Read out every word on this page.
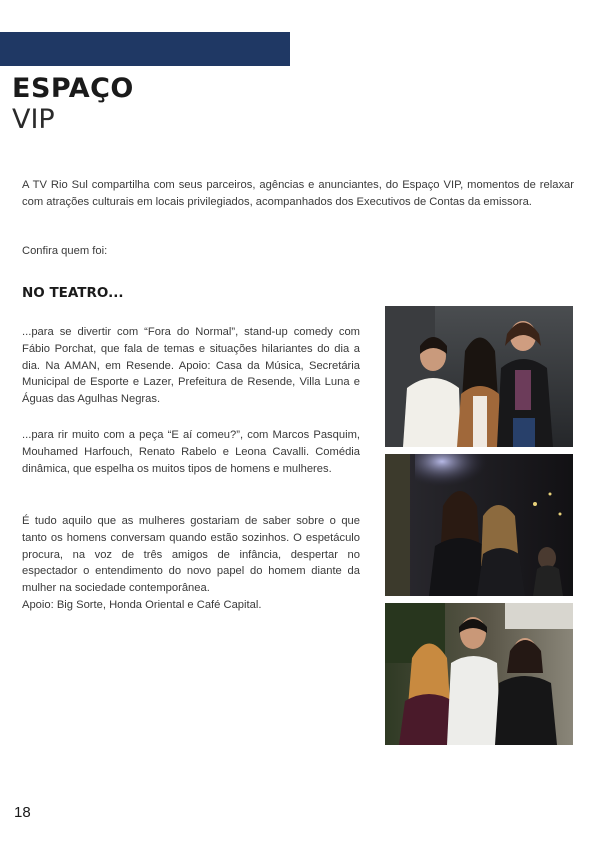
ESPAÇO
VIP

A TV Rio Sul compartilha com seus parceiros, agências e anunciantes, do Espaço VIP, momentos de relaxar com atrações culturais em locais privilegiados, acompanhados dos Executivos de Contas da emissora.

Confira quem foi:

NO TEATRO...

...para se divertir com “Fora do Normal”, stand-up comedy com Fábio Porchat, que fala de temas e situações hilariantes do dia a dia. Na AMAN, em Resende. Apoio: Casa da Música, Secretária Municipal de Esporte e Lazer, Prefeitura de Resende, Villa Luna e Águas das Agulhas Negras.

...para rir muito com a peça “E aí comeu?”, com Marcos Pasquim, Mouhamed Harfouch, Renato Rabelo e Leona Cavalli. Comédia dinâmica, que espelha os muitos tipos de homens e mulheres.

É tudo aquilo que as mulheres gostariam de saber sobre o que tanto os homens conversam quando estão sozinhos. O espetáculo procura, na voz de três amigos de infância, despertar no espectador o entendimento do novo papel do homem diante da mulher na sociedade contemporânea.
Apoio: Big Sorte, Honda Oriental e Café Capital.
18
